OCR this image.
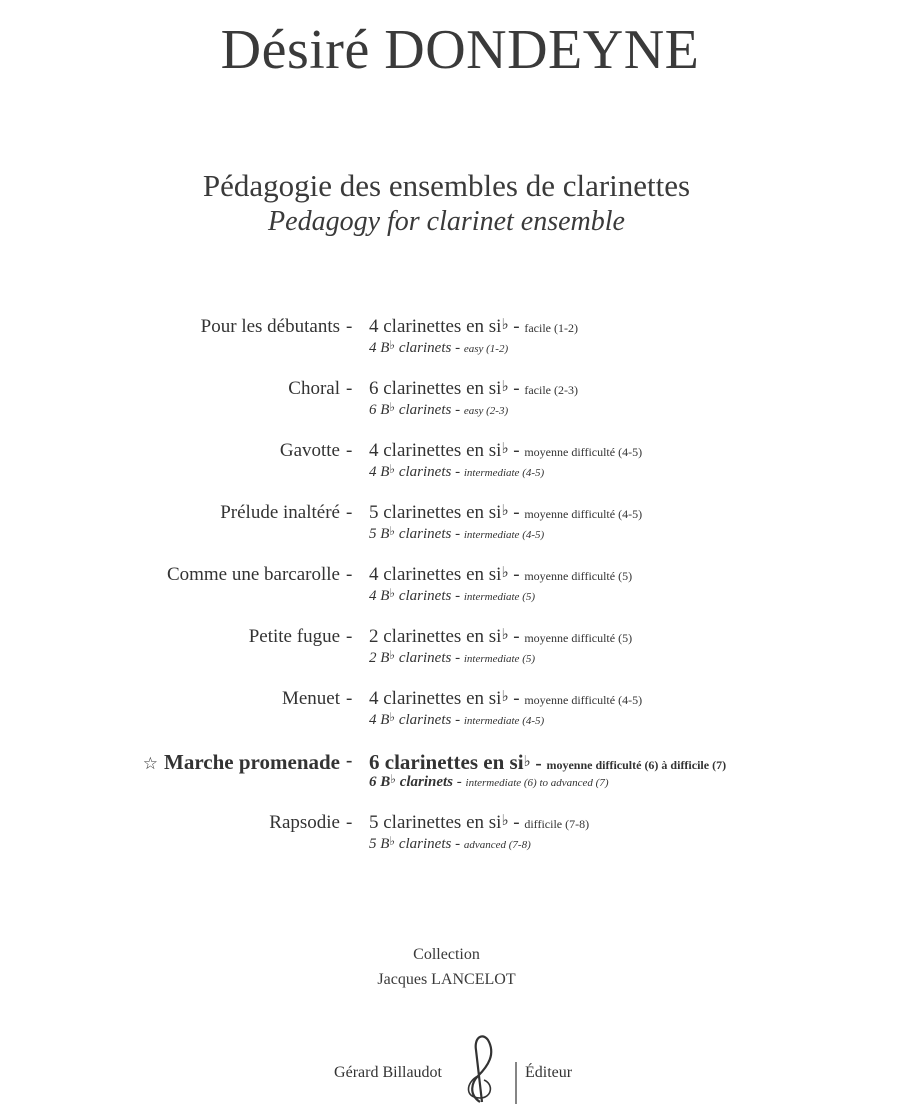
Désiré DONDEYNE
Pédagogie des ensembles de clarinettes
Pedagogy for clarinet ensemble
Pour les débutants - 4 clarinettes en si♭ - facile (1-2)
4 B♭ clarinets - easy (1-2)
Choral - 6 clarinettes en si♭ - facile (2-3)
6 B♭ clarinets - easy (2-3)
Gavotte - 4 clarinettes en si♭ - moyenne difficulté (4-5)
4 B♭ clarinets - intermediate (4-5)
Prélude inaltéré - 5 clarinettes en si♭ - moyenne difficulté (4-5)
5 B♭ clarinets - intermediate (4-5)
Comme une barcarolle - 4 clarinettes en si♭ - moyenne difficulté (5)
4 B♭ clarinets - intermediate (5)
Petite fugue - 2 clarinettes en si♭ - moyenne difficulté (5)
2 B♭ clarinets - intermediate (5)
Menuet - 4 clarinettes en si♭ - moyenne difficulté (4-5)
4 B♭ clarinets - intermediate (4-5)
☆ Marche promenade - 6 clarinettes en si♭ - moyenne difficulté (6) à difficile (7)
6 B♭ clarinets - intermediate (6) to advanced (7)
Rapsodie - 5 clarinettes en si♭ - difficile (7-8)
5 B♭ clarinets - advanced (7-8)
Collection
Jacques LANCELOT
Gérard Billaudot	Éditeur
